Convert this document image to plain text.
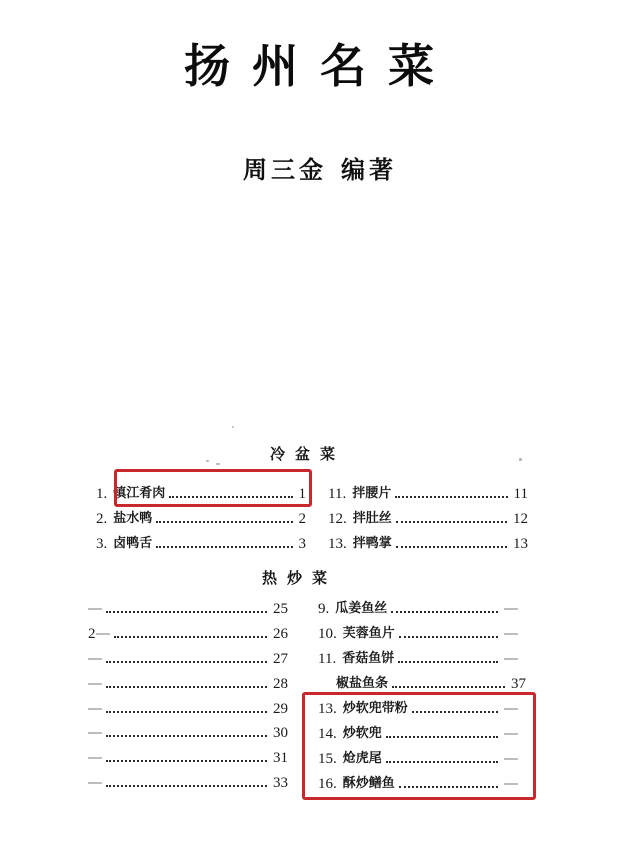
扬州名菜
周三金 编著
冷盆菜
1. 镇江肴肉	1
2. 盐水鸭	2
3. 卤鸭舌	3
11. 拌腰片	11
12. 拌肚丝	12
13. 拌鸭掌	13
热炒菜
25
2	26
27
28
29
30
31
33
9. 瓜姜鱼丝
10. 芙蓉鱼片
11. 香菇鱼饼
椒盐鱼条	37
13. 炒软兜带粉
14. 炒软兜
15. 炝虎尾
16. 酥炒鳝鱼
